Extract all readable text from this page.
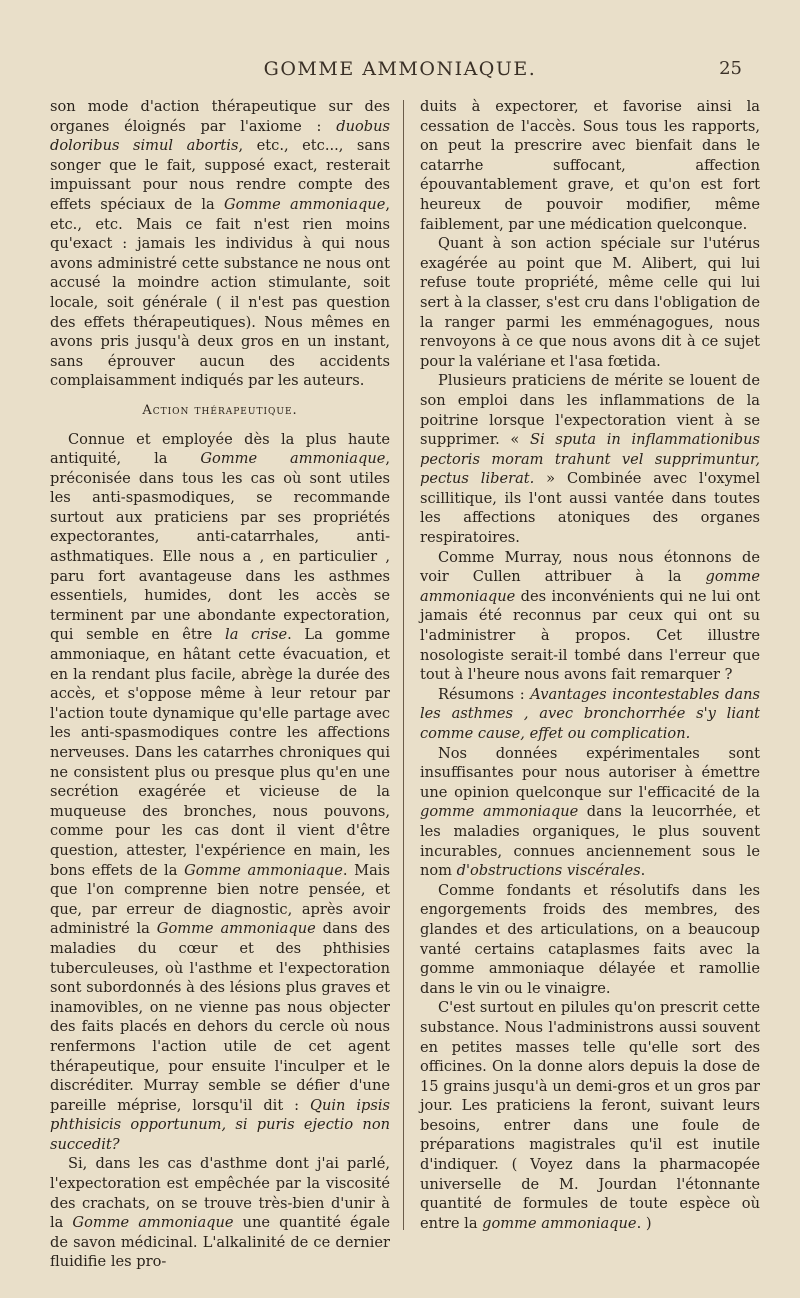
GOMME AMMONIAQUE.	25

son mode d'action thérapeutique sur des organes éloignés par l'axiome : duobus doloribus simul abortis, etc., etc..., sans songer que le fait, supposé exact, resterait impuissant pour nous rendre compte des effets spéciaux de la Gomme ammoniaque, etc., etc. Mais ce fait n'est rien moins qu'exact : jamais les individus à qui nous avons administré cette substance ne nous ont accusé la moindre action stimulante, soit locale, soit générale ( il n'est pas question des effets thérapeutiques). Nous mêmes en avons pris jusqu'à deux gros en un instant, sans éprouver aucun des accidents complaisamment indiqués par les auteurs.

Action thérapeutique.

Connue et employée dès la plus haute antiquité, la Gomme ammoniaque, préconisée dans tous les cas où sont utiles les anti-spasmodiques, se recommande surtout aux praticiens par ses propriétés expectorantes, anti-catarrhales, anti-asthmatiques. Elle nous a , en particulier , paru fort avantageuse dans les asthmes essentiels, humides, dont les accès se terminent par une abondante expectoration, qui semble en être la crise. La gomme ammoniaque, en hâtant cette évacuation, et en la rendant plus facile, abrège la durée des accès, et s'oppose même à leur retour par l'action toute dynamique qu'elle partage avec les anti-spasmodiques contre les affections nerveuses. Dans les catarrhes chroniques qui ne consistent plus ou presque plus qu'en une secrétion exagérée et vicieuse de la muqueuse des bronches, nous pouvons, comme pour les cas dont il vient d'être question, attester, l'expérience en main, les bons effets de la Gomme ammoniaque. Mais que l'on comprenne bien notre pensée, et que, par erreur de diagnostic, après avoir administré la Gomme ammoniaque dans des maladies du cœur et des phthisies tuberculeuses, où l'asthme et l'expectoration sont subordonnés à des lésions plus graves et inamovibles, on ne vienne pas nous objecter des faits placés en dehors du cercle où nous renfermons l'action utile de cet agent thérapeutique, pour ensuite l'inculper et le discréditer. Murray semble se défier d'une pareille méprise, lorsqu'il dit : Quin ipsis phthisicis opportunum, si puris ejectio non succedit?

Si, dans les cas d'asthme dont j'ai parlé, l'expectoration est empêchée par la viscosité des crachats, on se trouve très-bien d'unir à la Gomme ammoniaque une quantité égale de savon médicinal. L'alkalinité de ce dernier fluidifie les pro-

duits à expectorer, et favorise ainsi la cessation de l'accès. Sous tous les rapports, on peut la prescrire avec bienfait dans le catarrhe suffocant, affection épouvantablement grave, et qu'on est fort heureux de pouvoir modifier, même faiblement, par une médication quelconque.

Quant à son action spéciale sur l'utérus exagérée au point que M. Alibert, qui lui refuse toute propriété, même celle qui lui sert à la classer, s'est cru dans l'obligation de la ranger parmi les emménagogues, nous renvoyons à ce que nous avons dit à ce sujet pour la valériane et l'asa fœtida.

Plusieurs praticiens de mérite se louent de son emploi dans les inflammations de la poitrine lorsque l'expectoration vient à se supprimer. « Si sputa in inflammationibus pectoris moram trahunt vel supprimuntur, pectus liberat. » Combinée avec l'oxymel scillitique, ils l'ont aussi vantée dans toutes les affections atoniques des organes respiratoires.

Comme Murray, nous nous étonnons de voir Cullen attribuer à la gomme ammoniaque des inconvénients qui ne lui ont jamais été reconnus par ceux qui ont su l'administrer à propos. Cet illustre nosologiste serait-il tombé dans l'erreur que tout à l'heure nous avons fait remarquer ?

Résumons : Avantages incontestables dans les asthmes , avec bronchorrhée s'y liant comme cause, effet ou complication.

Nos données expérimentales sont insuffisantes pour nous autoriser à émettre une opinion quelconque sur l'efficacité de la gomme ammoniaque dans la leucorrhée, et les maladies organiques, le plus souvent incurables, connues anciennement sous le nom d'obstructions viscérales.

Comme fondants et résolutifs dans les engorgements froids des membres, des glandes et des articulations, on a beaucoup vanté certains cataplasmes faits avec la gomme ammoniaque délayée et ramollie dans le vin ou le vinaigre.

C'est surtout en pilules qu'on prescrit cette substance. Nous l'administrons aussi souvent en petites masses telle qu'elle sort des officines. On la donne alors depuis la dose de 15 grains jusqu'à un demi-gros et un gros par jour. Les praticiens la feront, suivant leurs besoins, entrer dans une foule de préparations magistrales qu'il est inutile d'indiquer. ( Voyez dans la pharmacopée universelle de M. Jourdan l'étonnante quantité de formules de toute espèce où entre la gomme ammoniaque. )
